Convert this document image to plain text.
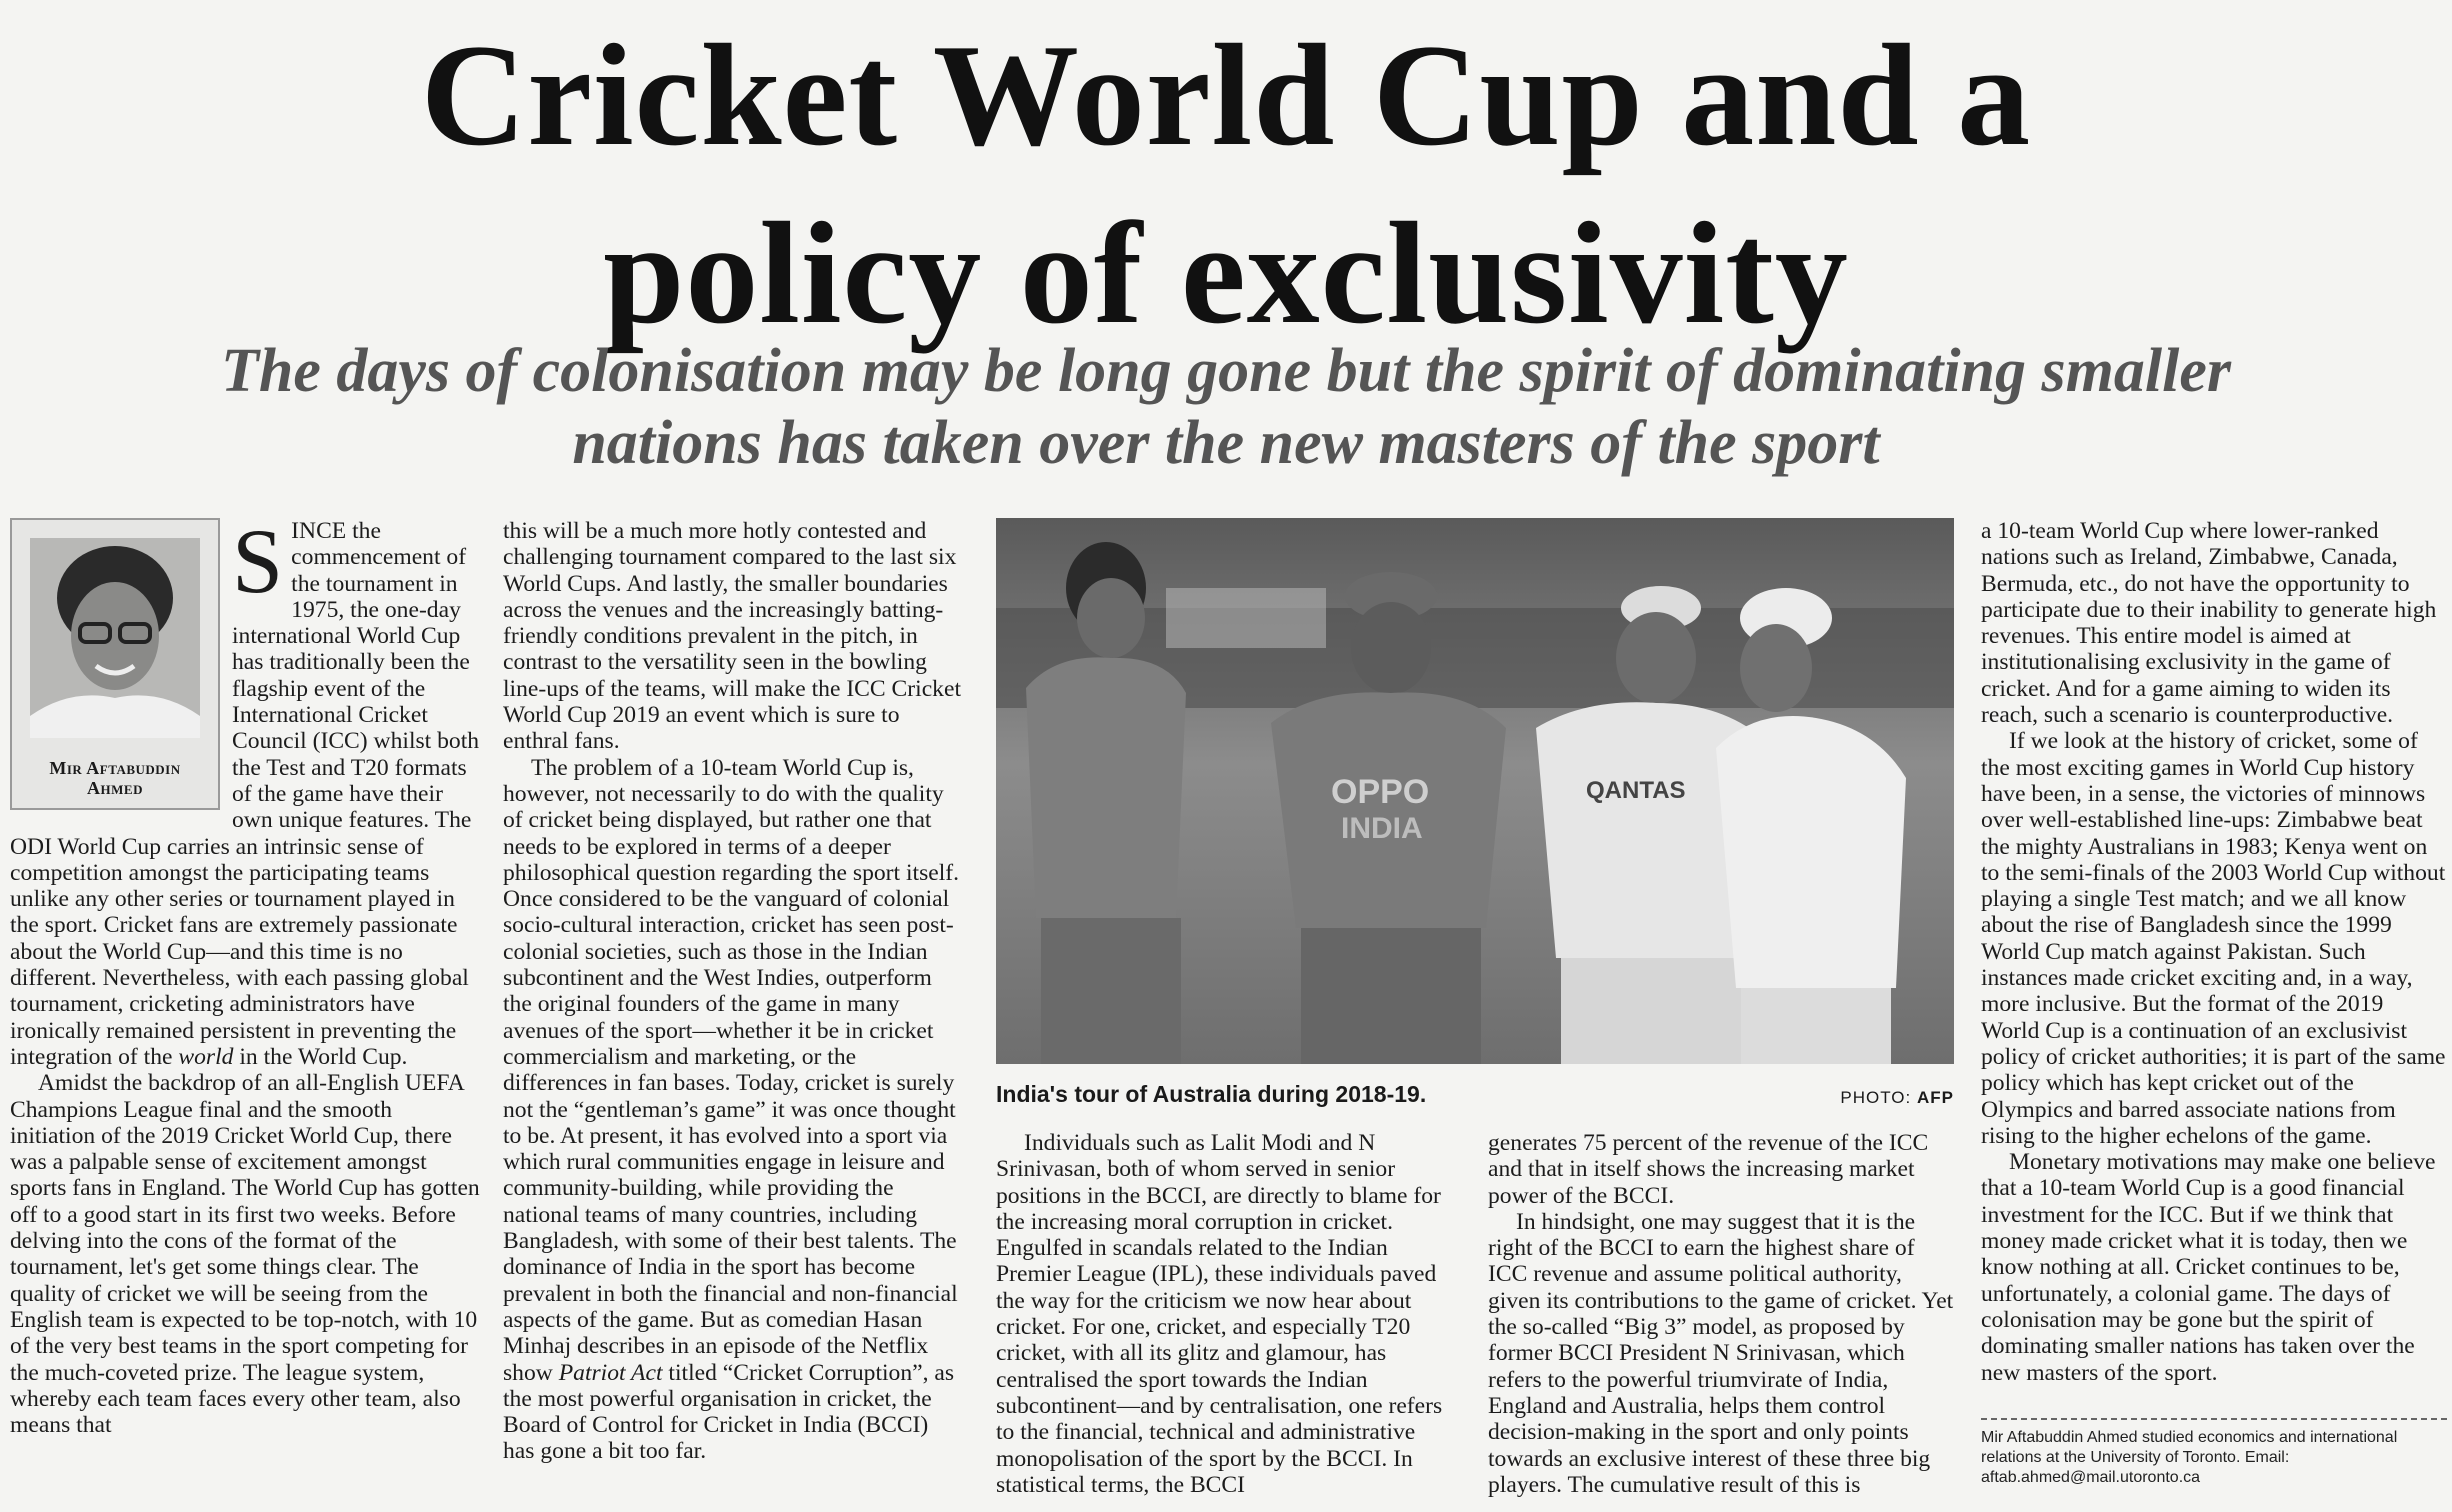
Cricket World Cup and a
policy of exclusivity
The days of colonisation may be long gone but the spirit of dominating smaller
nations has taken over the new masters of the sport
Mir Aftabuddin
Ahmed

SINCE the commencement of the tournament in 1975, the one-day international World Cup has traditionally been the flagship event of the International Cricket Council (ICC) whilst both the Test and T20 formats of the game have their own unique features. The ODI World Cup carries an intrinsic sense of competition amongst the participating teams unlike any other series or tournament played in the sport. Cricket fans are extremely passionate about the World Cup—and this time is no different. Nevertheless, with each passing global tournament, cricketing administrators have ironically remained persistent in preventing the integration of the world in the World Cup.

Amidst the backdrop of an all-English UEFA Champions League final and the smooth initiation of the 2019 Cricket World Cup, there was a palpable sense of excitement amongst sports fans in England. The World Cup has gotten off to a good start in its first two weeks. Before delving into the cons of the format of the tournament, let's get some things clear. The quality of cricket we will be seeing from the English team is expected to be top-notch, with 10 of the very best teams in the sport competing for the much-coveted prize. The league system, whereby each team faces every other team, also means that

this will be a much more hotly contested and challenging tournament compared to the last six World Cups. And lastly, the smaller boundaries across the venues and the increasingly batting-friendly conditions prevalent in the pitch, in contrast to the versatility seen in the bowling line-ups of the teams, will make the ICC Cricket World Cup 2019 an event which is sure to enthral fans.

The problem of a 10-team World Cup is, however, not necessarily to do with the quality of cricket being displayed, but rather one that needs to be explored in terms of a deeper philosophical question regarding the sport itself. Once considered to be the vanguard of colonial socio-cultural interaction, cricket has seen post-colonial societies, such as those in the Indian subcontinent and the West Indies, outperform the original founders of the game in many avenues of the sport—whether it be in cricket commercialism and marketing, or the differences in fan bases. Today, cricket is surely not the “gentleman’s game” it was once thought to be. At present, it has evolved into a sport via which rural communities engage in leisure and community-building, while providing the national teams of many countries, including Bangladesh, with some of their best talents. The dominance of India in the sport has become prevalent in both the financial and non-financial aspects of the game. But as comedian Hasan Minhaj describes in an episode of the Netflix show Patriot Act titled “Cricket Corruption”, as the most powerful organisation in cricket, the Board of Control for Cricket in India (BCCI) has gone a bit too far.

OPPO
INDIA
QANTAS
India's tour of Australia during 2018-19.	PHOTO: AFP

Individuals such as Lalit Modi and N Srinivasan, both of whom served in senior positions in the BCCI, are directly to blame for the increasing moral corruption in cricket. Engulfed in scandals related to the Indian Premier League (IPL), these individuals paved the way for the criticism we now hear about cricket. For one, cricket, and especially T20 cricket, with all its glitz and glamour, has centralised the sport towards the Indian subcontinent—and by centralisation, one refers to the financial, technical and administrative monopolisation of the sport by the BCCI. In statistical terms, the BCCI

generates 75 percent of the revenue of the ICC and that in itself shows the increasing market power of the BCCI.

In hindsight, one may suggest that it is the right of the BCCI to earn the highest share of ICC revenue and assume political authority, given its contributions to the game of cricket. Yet the so-called “Big 3” model, as proposed by former BCCI President N Srinivasan, which refers to the powerful triumvirate of India, England and Australia, helps them control decision-making in the sport and only points towards an exclusive interest of these three big players. The cumulative result of this is

a 10-team World Cup where lower-ranked nations such as Ireland, Zimbabwe, Canada, Bermuda, etc., do not have the opportunity to participate due to their inability to generate high revenues. This entire model is aimed at institutionalising exclusivity in the game of cricket. And for a game aiming to widen its reach, such a scenario is counterproductive.

If we look at the history of cricket, some of the most exciting games in World Cup history have been, in a sense, the victories of minnows over well-established line-ups: Zimbabwe beat the mighty Australians in 1983; Kenya went on to the semi-finals of the 2003 World Cup without playing a single Test match; and we all know about the rise of Bangladesh since the 1999 World Cup match against Pakistan. Such instances made cricket exciting and, in a way, more inclusive. But the format of the 2019 World Cup is a continuation of an exclusivist policy of cricket authorities; it is part of the same policy which has kept cricket out of the Olympics and barred associate nations from rising to the higher echelons of the game.

Monetary motivations may make one believe that a 10-team World Cup is a good financial investment for the ICC. But if we think that money made cricket what it is today, then we know nothing at all. Cricket continues to be, unfortunately, a colonial game. The days of colonisation may be gone but the spirit of dominating smaller nations has taken over the new masters of the sport.

Mir Aftabuddin Ahmed studied economics and international relations at the University of Toronto. Email: aftab.ahmed@mail.utoronto.ca
